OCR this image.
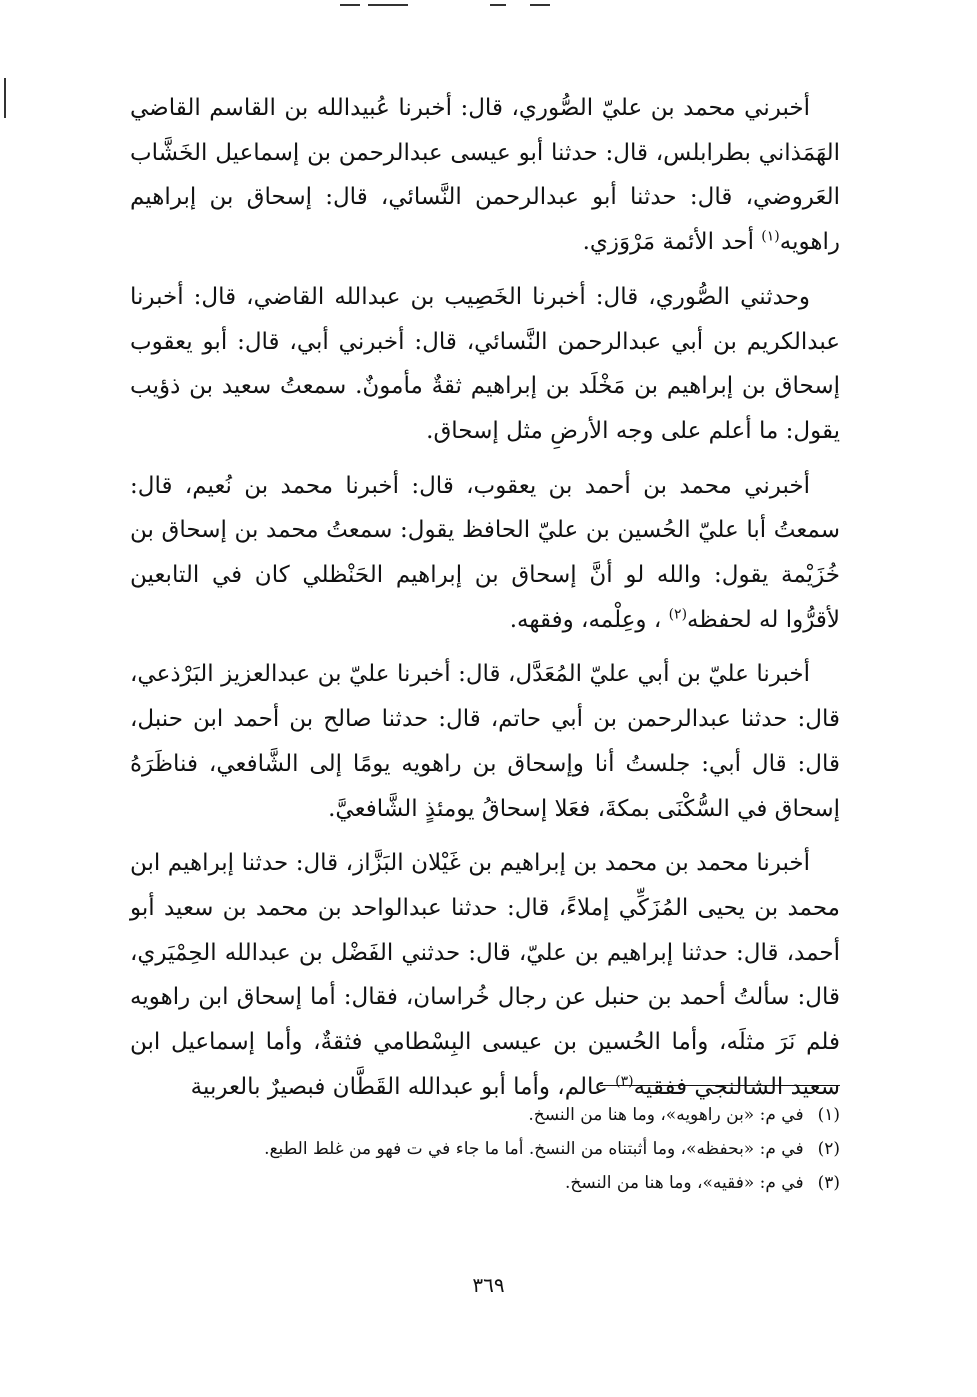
أخبرني محمد بن عليّ الصُّوري، قال: أخبرنا عُبيدالله بن القاسم القاضي الهَمَذاني بطرابلس، قال: حدثنا أبو عيسى عبدالرحمن بن إسماعيل الخَشَّاب العَروضي، قال: حدثنا أبو عبدالرحمن النَّسائي، قال: إسحاق بن إبراهيم راهويه$^{(١)}$ أحد الأئمة مَرْوَزي.

وحدثني الصُّوري، قال: أخبرنا الخَصِيب بن عبدالله القاضي، قال: أخبرنا عبدالكريم بن أبي عبدالرحمن النَّسائي، قال: أخبرني أبي، قال: أبو يعقوب إسحاق بن إبراهيم بن مَخْلَد بن إبراهيم ثقةٌ مأمونٌ. سمعتُ سعيد بن ذؤيب يقول: ما أعلم على وجه الأرضِ مثل إسحاق.

أخبرني محمد بن أحمد بن يعقوب، قال: أخبرنا محمد بن نُعيم، قال: سمعتُ أبا عليّ الحُسين بن عليّ الحافظ يقول: سمعتُ محمد بن إسحاق بن خُزَيْمة يقول: والله لو أنَّ إسحاق بن إبراهيم الحَنْظلي كان في التابعين لأقرُّوا له لحفظه$^{(٢)}$ ، وعِلْمه، وفقهه.

أخبرنا عليّ بن أبي عليّ المُعَدَّل، قال: أخبرنا عليّ بن عبدالعزيز البَرْذعي، قال: حدثنا عبدالرحمن بن أبي حاتم، قال: حدثنا صالح بن أحمد ابن حنبل، قال: قال أبي: جلستُ أنا وإسحاق بن راهويه يومًا إلى الشَّافعي، فناظَرَهُ إسحاق في السُّكْنَى بمكةَ، فعَلا إسحاقُ يومئذٍ الشَّافعيَّ.

أخبرنا محمد بن محمد بن إبراهيم بن غَيْلان البَزَّاز، قال: حدثنا إبراهيم ابن محمد بن يحيى المُزَكِّي إملاءً، قال: حدثنا عبدالواحد بن محمد بن سعيد أبو أحمد، قال: حدثنا إبراهيم بن عليّ، قال: حدثني الفَضْل بن عبدالله الحِمْيَري، قال: سألتُ أحمد بن حنبل عن رجال خُراسان، فقال: أما إسحاق ابن راهويه فلم نَرَ مثلَه، وأما الحُسين بن عيسى البِسْطامي فثقةٌ، وأما إسماعيل ابن سعيد الشالنجي ففقيه$^{(٣)}$ عالم، وأما أبو عبدالله القَطَّان فبصيرٌ بالعربية

(١)في م: «بن راهويه»، وما هنا من النسخ.

(٢)في م: «بحفظه»، وما أثبتناه من النسخ. أما ما جاء في ت فهو من غلط الطبع.

(٣)في م: «فقيه»، وما هنا من النسخ.

٣٦٩
